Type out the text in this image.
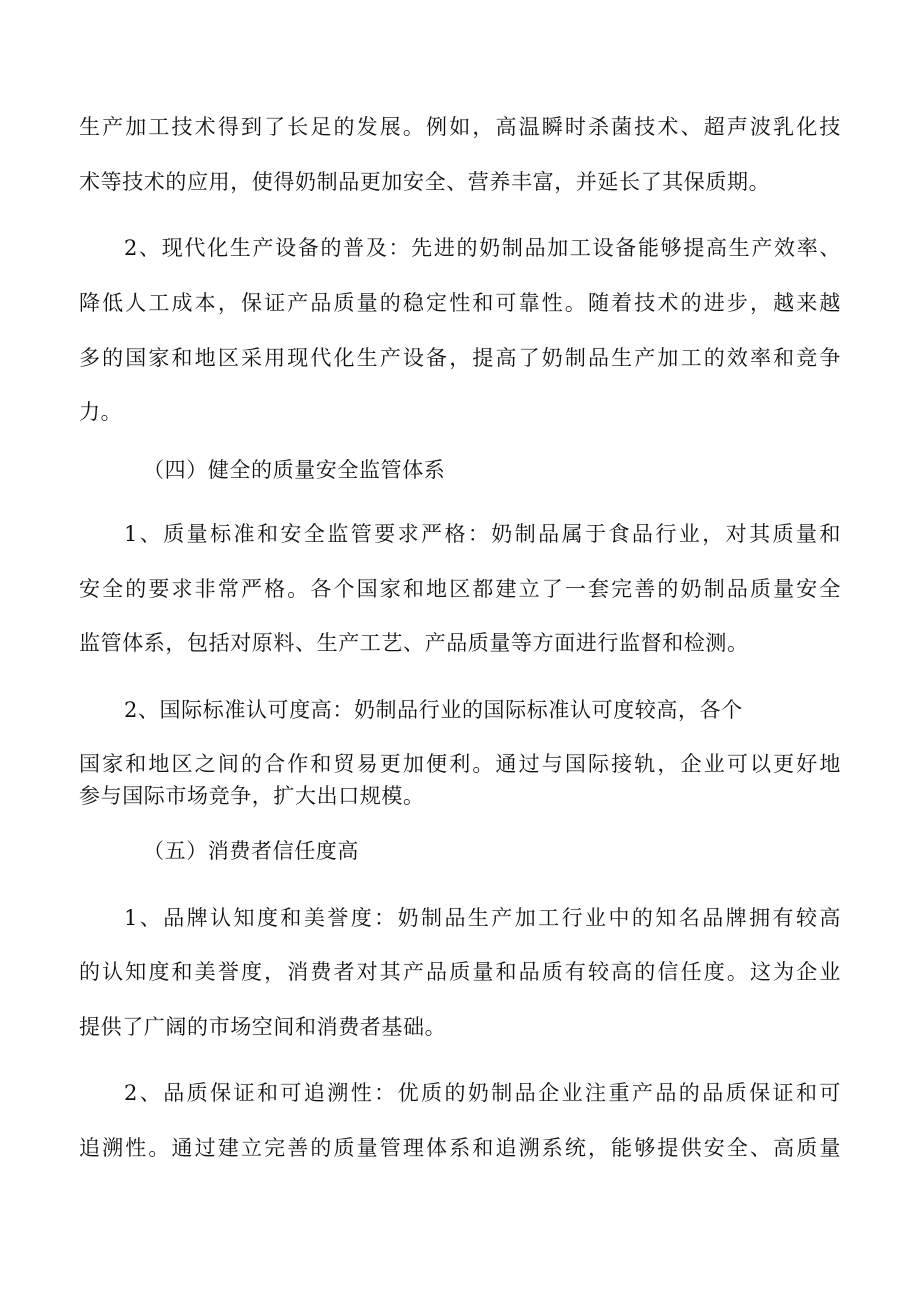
生产加工技术得到了长足的发展。例如，高温瞬时杀菌技术、超声波乳化技
术等技术的应用，使得奶制品更加安全、营养丰富，并延长了其保质期。
2、现代化生产设备的普及：先进的奶制品加工设备能够提高生产效率、
降低人工成本，保证产品质量的稳定性和可靠性。随着技术的进步，越来越
多的国家和地区采用现代化生产设备，提高了奶制品生产加工的效率和竞争
力。
（四）健全的质量安全监管体系
1、质量标准和安全监管要求严格：奶制品属于食品行业，对其质量和
安全的要求非常严格。各个国家和地区都建立了一套完善的奶制品质量安全
监管体系，包括对原料、生产工艺、产品质量等方面进行监督和检测。
2、国际标准认可度高：奶制品行业的国际标准认可度较高，各个
国家和地区之间的合作和贸易更加便利。通过与国际接轨，企业可以更好地
参与国际市场竞争，扩大出口规模。
（五）消费者信任度高
1、品牌认知度和美誉度：奶制品生产加工行业中的知名品牌拥有较高
的认知度和美誉度，消费者对其产品质量和品质有较高的信任度。这为企业
提供了广阔的市场空间和消费者基础。
2、品质保证和可追溯性：优质的奶制品企业注重产品的品质保证和可
追溯性。通过建立完善的质量管理体系和追溯系统，能够提供安全、高质量
